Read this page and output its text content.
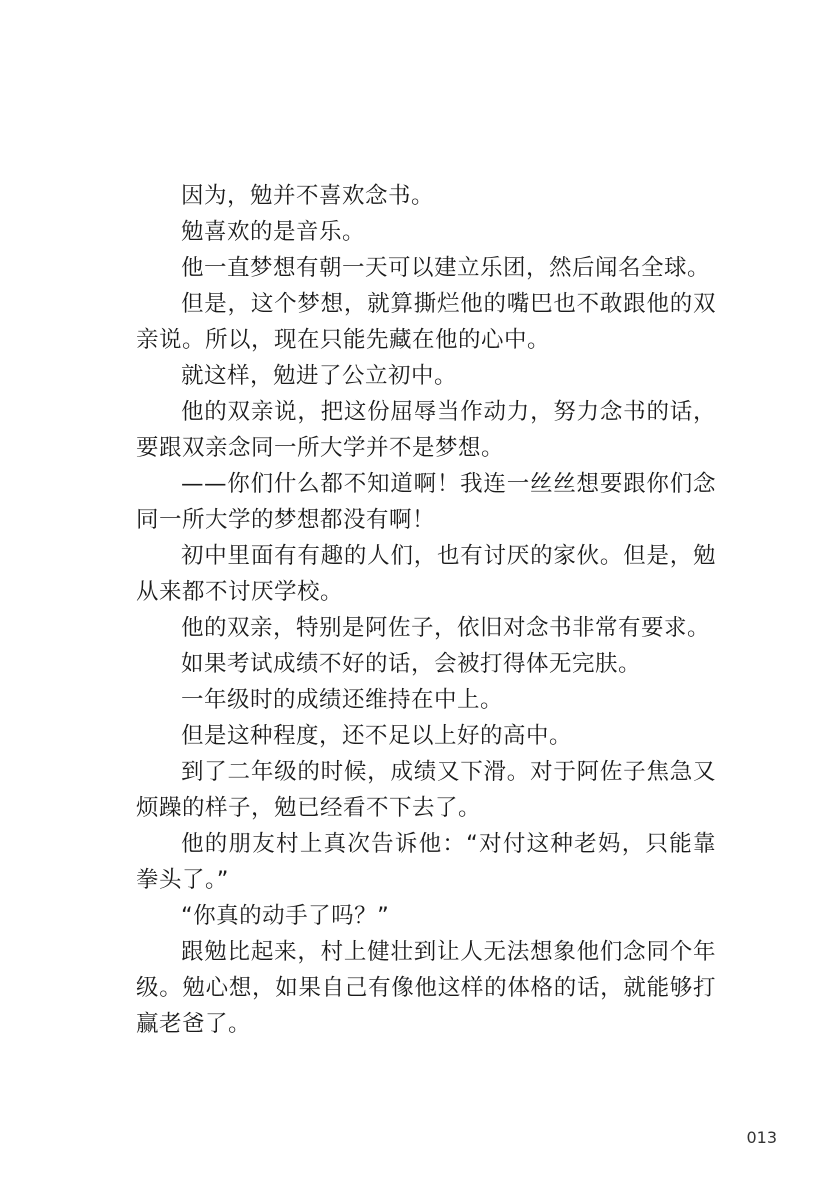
因为，勉并不喜欢念书。

勉喜欢的是音乐。

他一直梦想有朝一天可以建立乐团，然后闻名全球。

但是，这个梦想，就算撕烂他的嘴巴也不敢跟他的双亲说。所以，现在只能先藏在他的心中。

就这样，勉进了公立初中。

他的双亲说，把这份屈辱当作动力，努力念书的话，要跟双亲念同一所大学并不是梦想。

——你们什么都不知道啊！我连一丝丝想要跟你们念同一所大学的梦想都没有啊！

初中里面有有趣的人们，也有讨厌的家伙。但是，勉从来都不讨厌学校。

他的双亲，特别是阿佐子，依旧对念书非常有要求。

如果考试成绩不好的话，会被打得体无完肤。

一年级时的成绩还维持在中上。

但是这种程度，还不足以上好的高中。

到了二年级的时候，成绩又下滑。对于阿佐子焦急又烦躁的样子，勉已经看不下去了。

他的朋友村上真次告诉他：“对付这种老妈，只能靠拳头了。”

“你真的动手了吗？”

跟勉比起来，村上健壮到让人无法想象他们念同个年级。勉心想，如果自己有像他这样的体格的话，就能够打赢老爸了。

013
